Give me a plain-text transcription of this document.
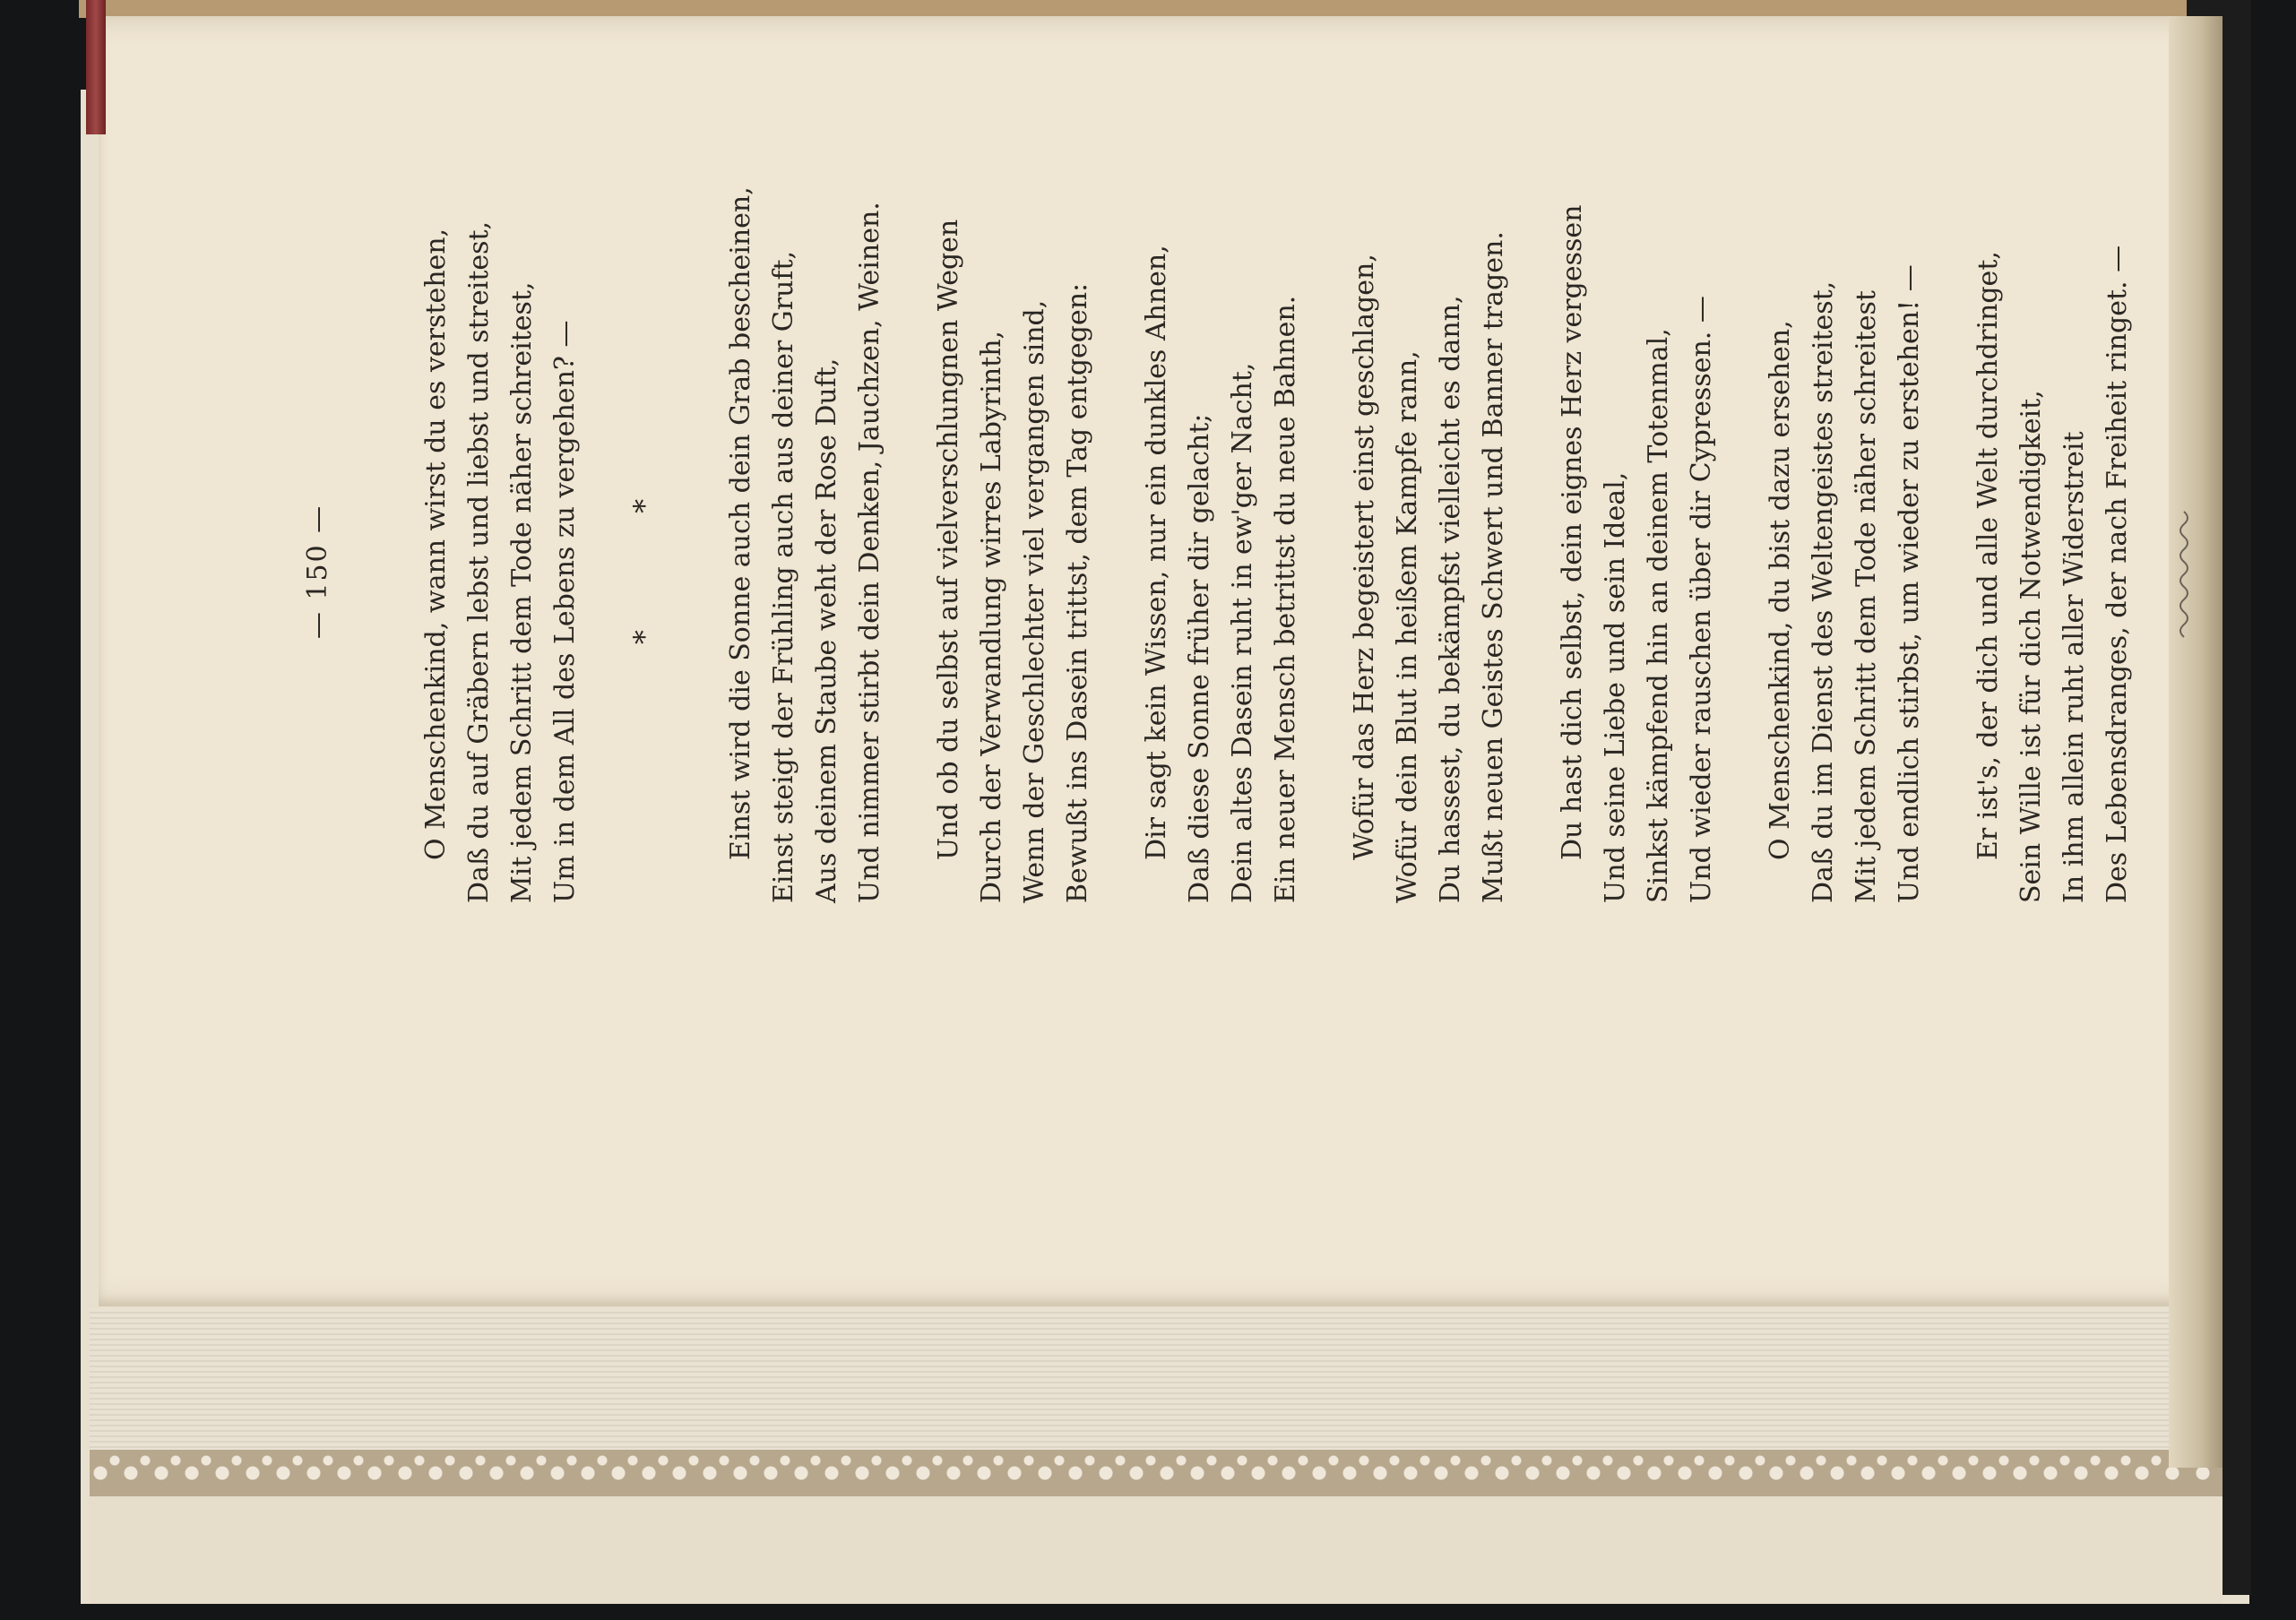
— 150 —	O Menschenkind, wann wirst du es verstehen, Daß du auf Gräbern lebst und liebst und streitest, Mit jedem Schritt dem Tode näher schreitest, Um in dem All des Lebens zu vergehen? — * * Einst wird die Sonne auch dein Grab bescheinen, Einst steigt der Frühling auch aus deiner Gruft, Aus deinem Staube weht der Rose Duft, Und nimmer stirbt dein Denken, Jauchzen, Weinen. Und ob du selbst auf vielverschlungnen Wegen Durch der Verwandlung wirres Labyrinth, Wenn der Geschlechter viel vergangen sind, Bewußt ins Dasein trittst, dem Tag entgegen: Dir sagt kein Wissen, nur ein dunkles Ahnen, Daß diese Sonne früher dir gelacht; Dein altes Dasein ruht in ew'ger Nacht, Ein neuer Mensch betrittst du neue Bahnen. Wofür das Herz begeistert einst geschlagen, Wofür dein Blut in heißem Kampfe rann, Du hassest, du bekämpfst vielleicht es dann, Mußt neuen Geistes Schwert und Banner tragen. Du hast dich selbst, dein eignes Herz vergessen Und seine Liebe und sein Ideal, Sinkst kämpfend hin an deinem Totenmal, Und wieder rauschen über dir Cypressen. — O Menschenkind, du bist dazu ersehen, Daß du im Dienst des Weltengeistes streitest, Mit jedem Schritt dem Tode näher schreitest Und endlich stirbst, um wieder zu erstehen! — Er ist's, der dich und alle Welt durchdringet, Sein Wille ist für dich Notwendigkeit, In ihm allein ruht aller Widerstreit Des Lebensdranges, der nach Freiheit ringet. —
